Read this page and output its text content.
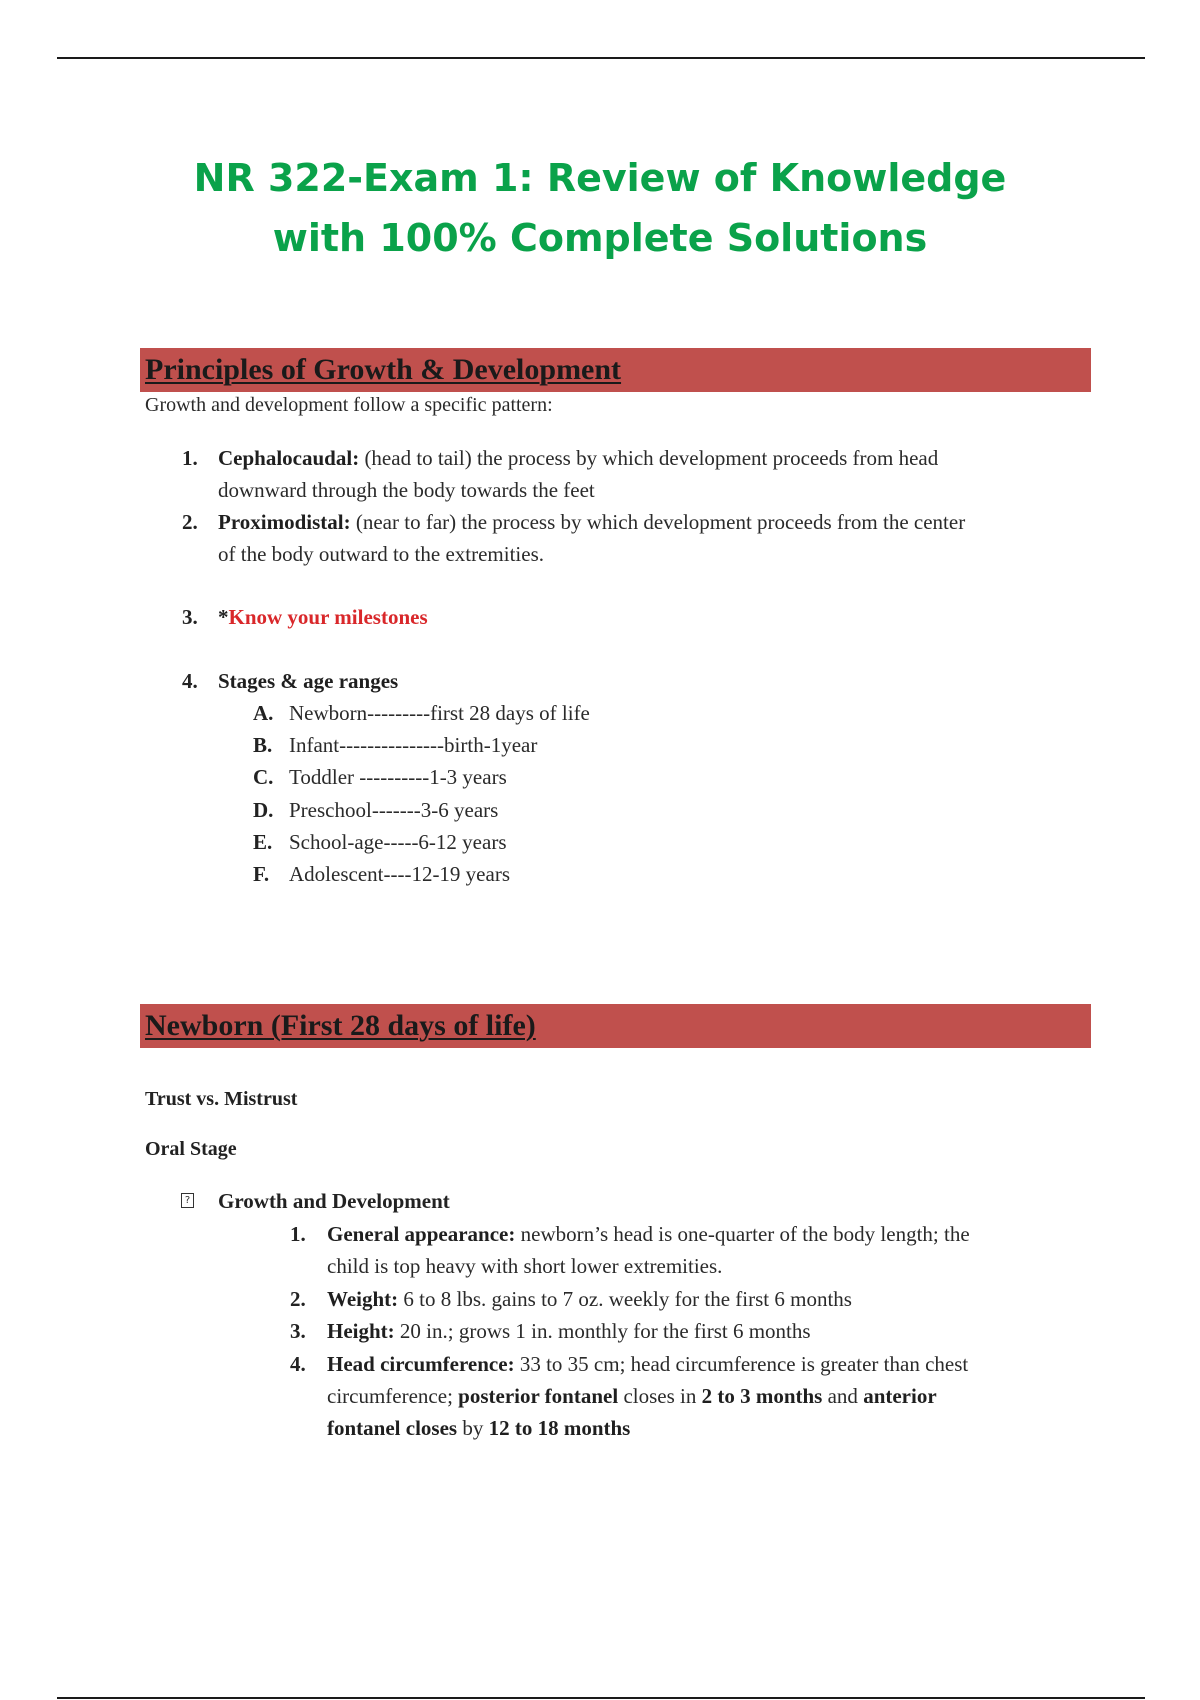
NR 322-Exam 1: Review of Knowledge
with 100% Complete Solutions
Principles of Growth & Development
Growth and development follow a specific pattern:
1. Cephalocaudal: (head to tail) the process by which development proceeds from head
downward through the body towards the feet
2. Proximodistal: (near to far) the process by which development proceeds from the center
of the body outward to the extremities.
3. *Know your milestones
4. Stages & age ranges
A. Newborn---------first 28 days of life
B. Infant---------------birth-1year
C. Toddler ----------1-3 years
D. Preschool-------3-6 years
E. School-age-----6-12 years
F. Adolescent----12-19 years
Newborn (First 28 days of life)
Trust vs. Mistrust
Oral Stage
? Growth and Development
1. General appearance: newborn’s head is one-quarter of the body length; the
child is top heavy with short lower extremities.
2. Weight: 6 to 8 lbs. gains to 7 oz. weekly for the first 6 months
3. Height: 20 in.; grows 1 in. monthly for the first 6 months
4. Head circumference: 33 to 35 cm; head circumference is greater than chest
circumference; posterior fontanel closes in 2 to 3 months and anterior
fontanel closes by 12 to 18 months
